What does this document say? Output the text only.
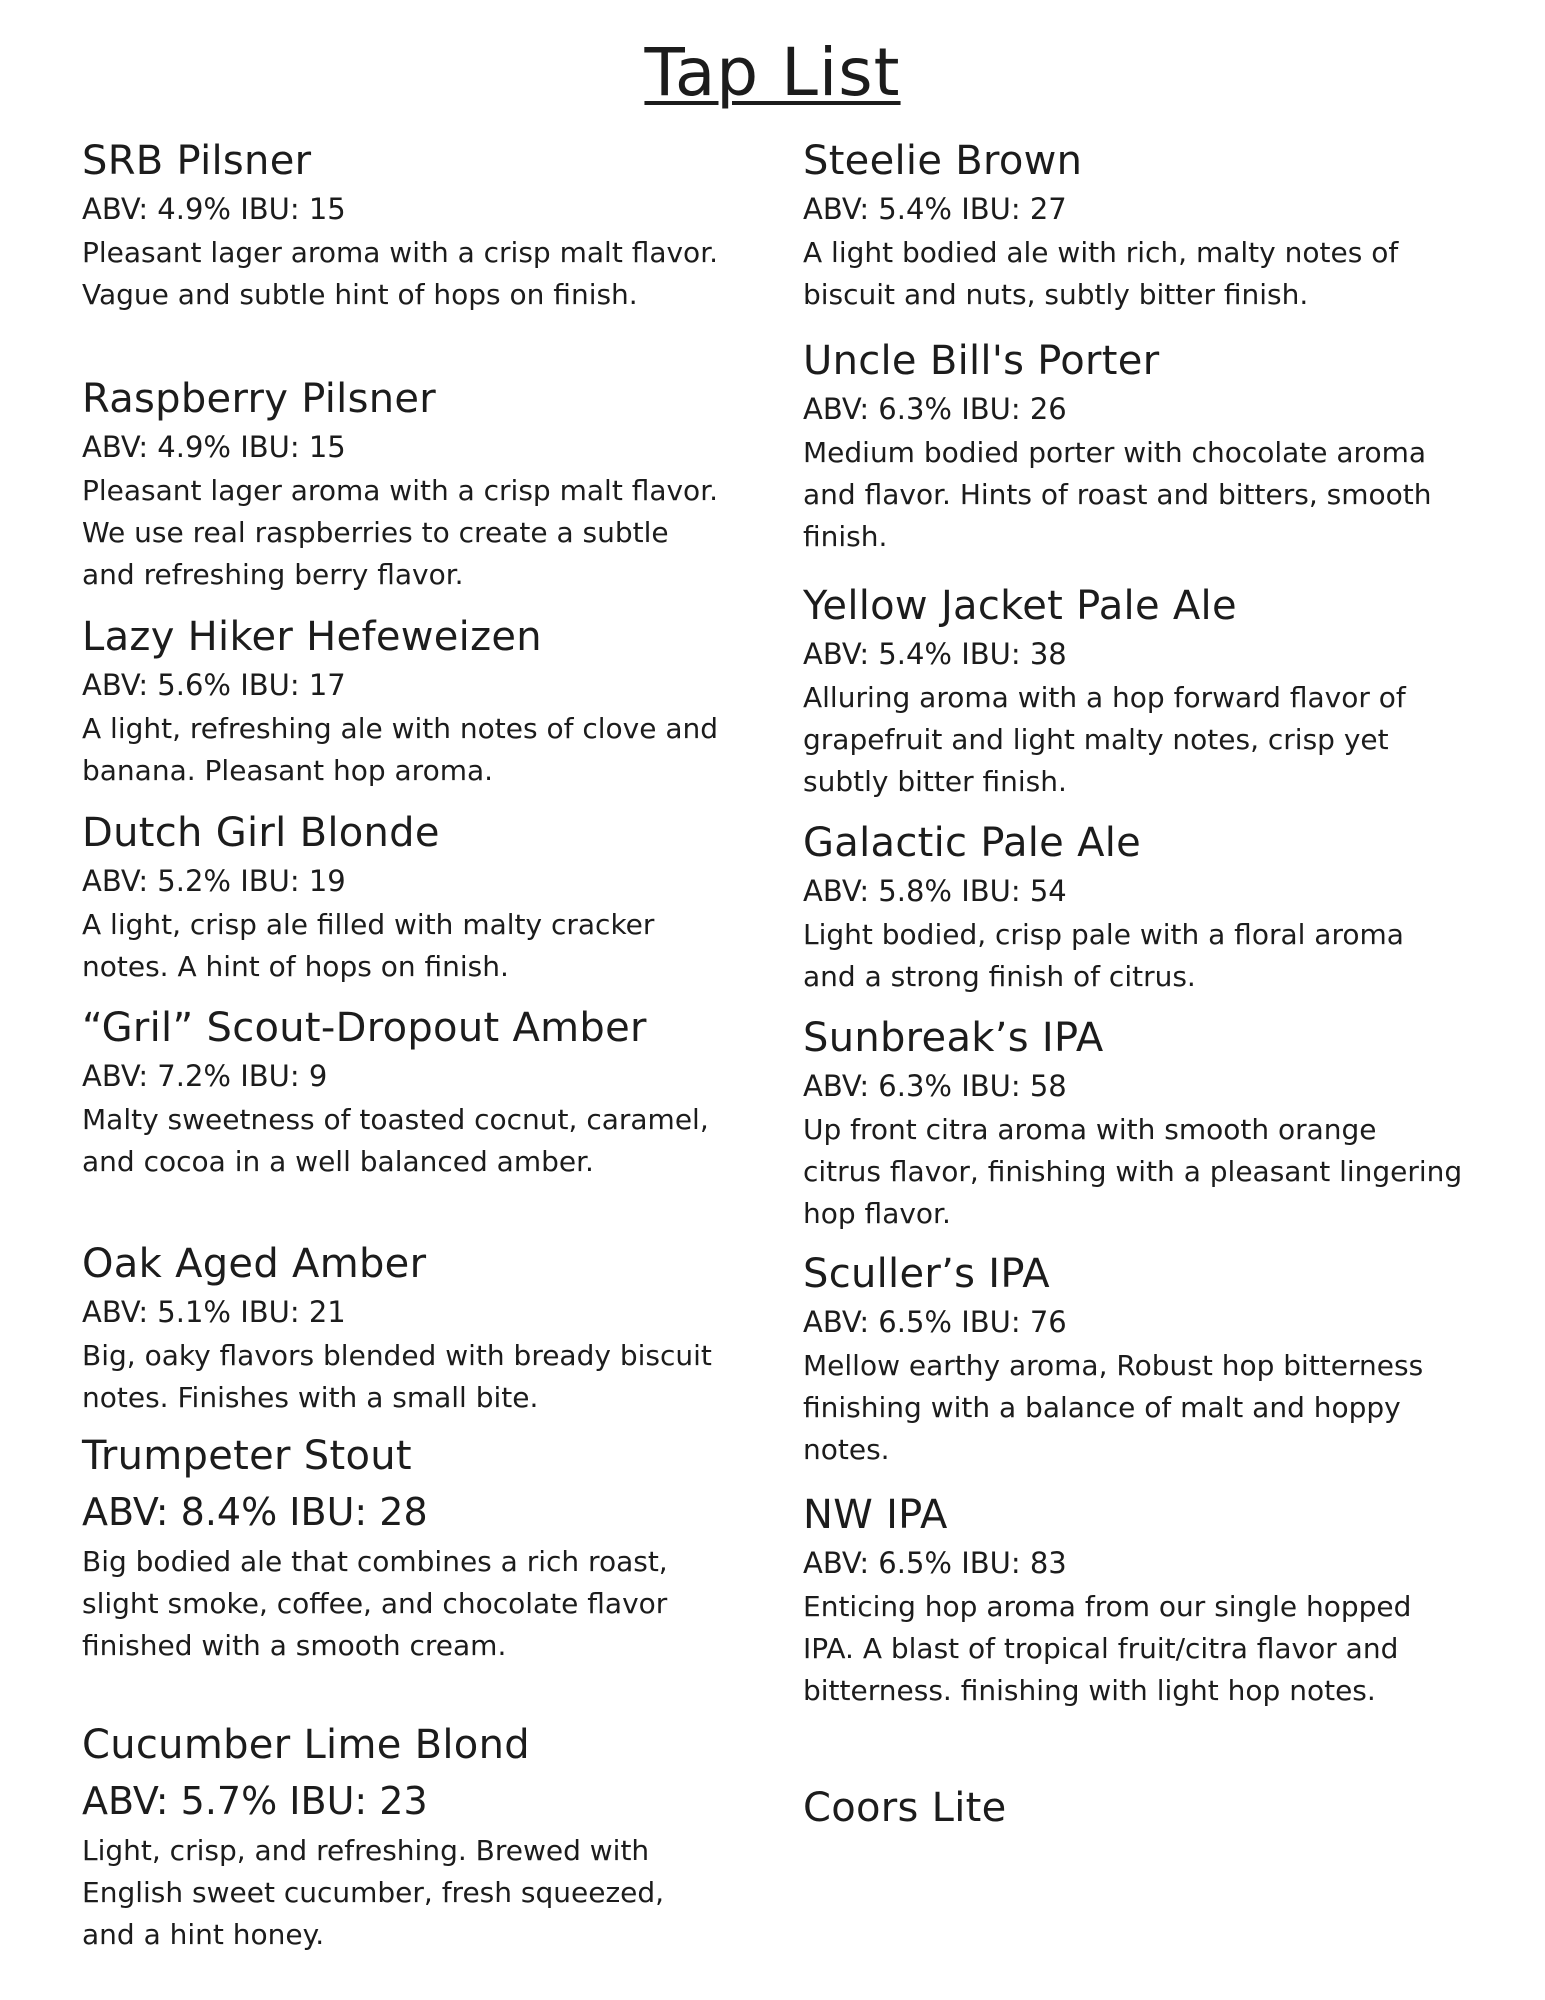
Tap List
SRB Pilsner
ABV: 4.9% IBU: 15
Pleasant lager aroma with a crisp malt flavor. Vague and subtle hint of hops on finish.
Raspberry Pilsner
ABV: 4.9% IBU: 15
Pleasant lager aroma with a crisp malt flavor. We use real raspberries to create a subtle and refreshing berry flavor.
Lazy Hiker Hefeweizen
ABV: 5.6% IBU: 17
A light, refreshing ale with notes of clove and banana. Pleasant hop aroma.
Dutch Girl Blonde
ABV: 5.2% IBU: 19
A light, crisp ale filled with malty cracker notes. A hint of hops on finish.
“Gril” Scout-Dropout Amber
ABV: 7.2% IBU: 9
Malty sweetness of toasted cocnut, caramel, and cocoa in a well balanced amber.
Oak Aged Amber
ABV: 5.1% IBU: 21
Big, oaky flavors blended with bready biscuit notes. Finishes with a small bite.
Trumpeter Stout
ABV: 8.4% IBU: 28
Big bodied ale that combines a rich roast, slight smoke, coffee, and chocolate flavor finished with a smooth cream.
Cucumber Lime Blond
ABV: 5.7% IBU: 23
Light, crisp, and refreshing. Brewed with English sweet cucumber, fresh squeezed, and a hint honey.
Steelie Brown
ABV: 5.4% IBU: 27
A light bodied ale with rich, malty notes of biscuit and nuts, subtly bitter finish.
Uncle Bill's Porter
ABV: 6.3% IBU: 26
Medium bodied porter with chocolate aroma and flavor. Hints of roast and bitters, smooth finish.
Yellow Jacket Pale Ale
ABV: 5.4% IBU: 38
Alluring aroma with a hop forward flavor of grapefruit and light malty notes, crisp yet subtly bitter finish.
Galactic Pale Ale
ABV: 5.8% IBU: 54
Light bodied, crisp pale with a floral aroma and a strong finish of citrus.
Sunbreak’s IPA
ABV: 6.3% IBU: 58
Up front citra aroma with smooth orange citrus flavor, finishing with a pleasant lingering hop flavor.
Sculler’s IPA
ABV: 6.5% IBU: 76
Mellow earthy aroma, Robust hop bitterness finishing with a balance of malt and hoppy notes.
NW IPA
ABV: 6.5% IBU: 83
Enticing hop aroma from our single hopped IPA. A blast of tropical fruit/citra flavor and bitterness. finishing with light hop notes.
Coors Lite
